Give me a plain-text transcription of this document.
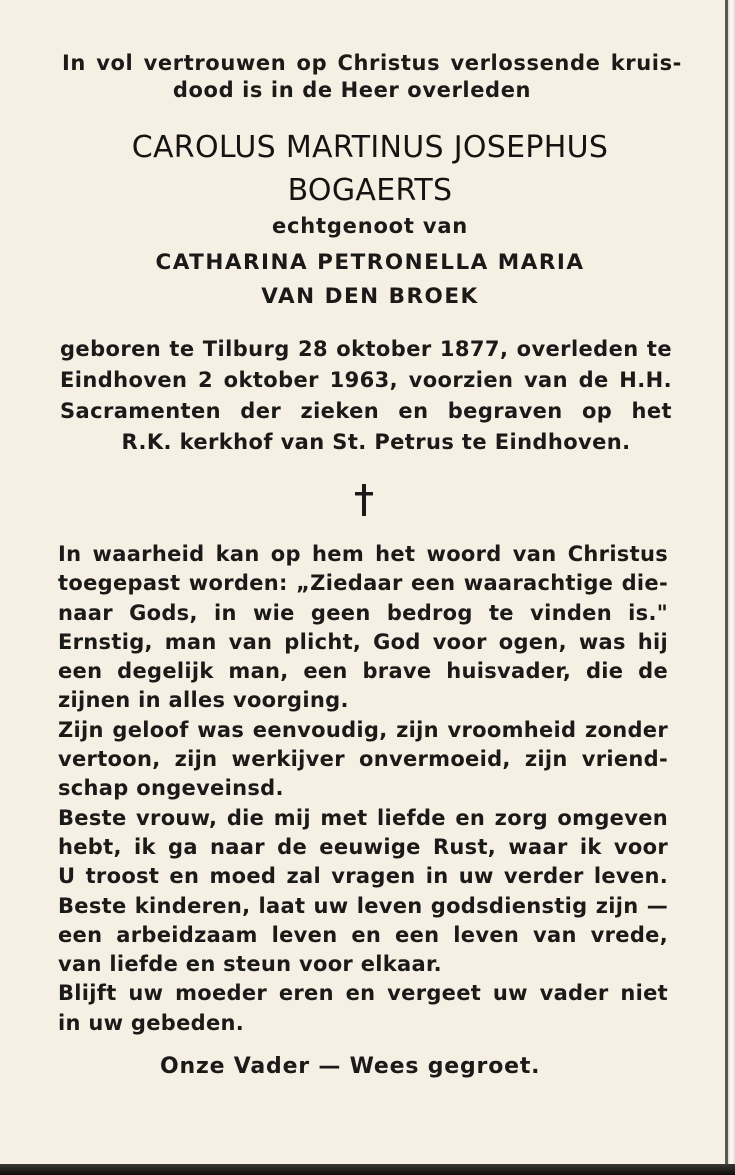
In vol vertrouwen op Christus verlossende kruis-
dood is in de Heer overleden
CAROLUS MARTINUS JOSEPHUS
BOGAERTS
echtgenoot van
CATHARINA PETRONELLA MARIA
VAN DEN BROEK
geboren te Tilburg 28 oktober 1877, overleden te
Eindhoven 2 oktober 1963, voorzien van de H.H.
Sacramenten der zieken en begraven op het
R.K. kerkhof van St. Petrus te Eindhoven.
In waarheid kan op hem het woord van Christus
toegepast worden: „Ziedaar een waarachtige die-
naar Gods, in wie geen bedrog te vinden is."
Ernstig, man van plicht, God voor ogen, was hij
een degelijk man, een brave huisvader, die de
zijnen in alles voorging.
Zijn geloof was eenvoudig, zijn vroomheid zonder
vertoon, zijn werkijver onvermoeid, zijn vriend-
schap ongeveinsd.
Beste vrouw, die mij met liefde en zorg omgeven
hebt, ik ga naar de eeuwige Rust, waar ik voor
U troost en moed zal vragen in uw verder leven.
Beste kinderen, laat uw leven godsdienstig zijn —
een arbeidzaam leven en een leven van vrede,
van liefde en steun voor elkaar.
Blijft uw moeder eren en vergeet uw vader niet
in uw gebeden.
Onze Vader — Wees gegroet.
